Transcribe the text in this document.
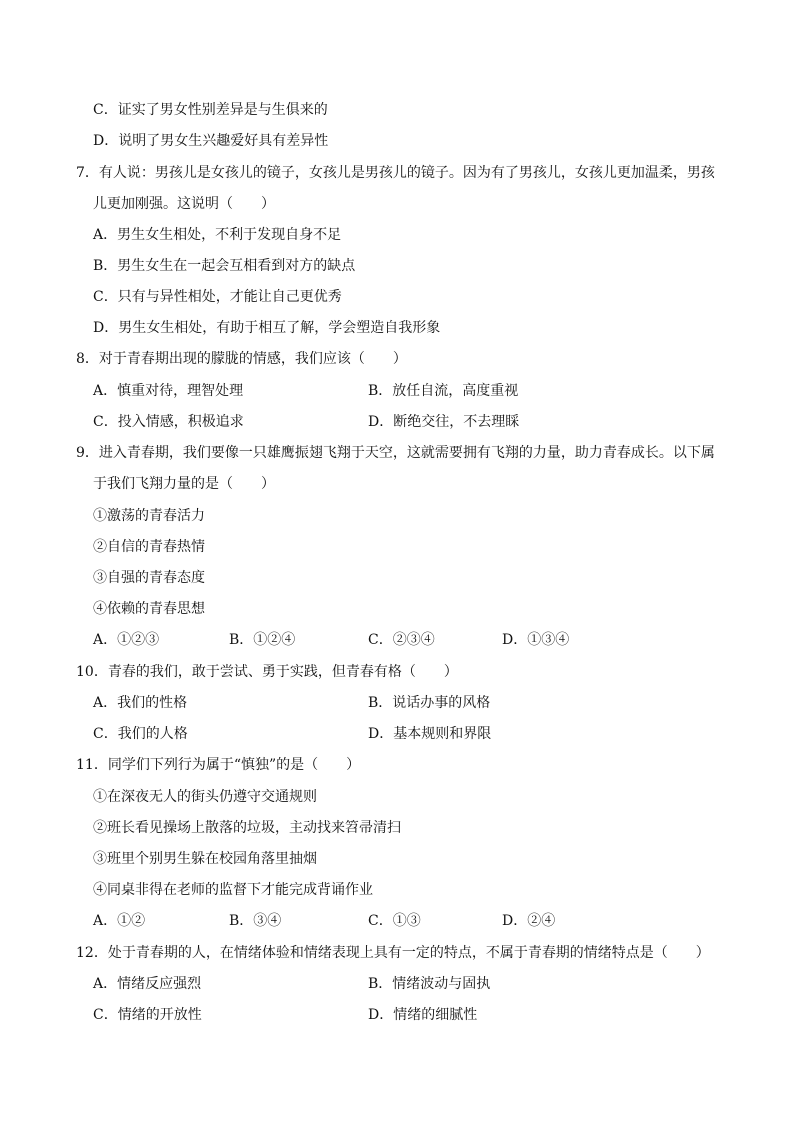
C．证实了男女性别差异是与生俱来的
D．说明了男女生兴趣爱好具有差异性
7．有人说：男孩儿是女孩儿的镜子，女孩儿是男孩儿的镜子。因为有了男孩儿，女孩儿更加温柔，男孩
儿更加刚强。这说明（　　）
A．男生女生相处，不利于发现自身不足
B．男生女生在一起会互相看到对方的缺点
C．只有与异性相处，才能让自己更优秀
D．男生女生相处，有助于相互了解，学会塑造自我形象
8．对于青春期出现的朦胧的情感，我们应该（　　）
A．慎重对待，理智处理	B．放任自流，高度重视
C．投入情感，积极追求	D．断绝交往，不去理睬
9．进入青春期，我们要像一只雄鹰振翅飞翔于天空，这就需要拥有飞翔的力量，助力青春成长。以下属
于我们飞翔力量的是（　　）
①激荡的青春活力
②自信的青春热情
③自强的青春态度
④依赖的青春思想
A．①②③	B．①②④	C．②③④	D．①③④
10．青春的我们，敢于尝试、勇于实践，但青春有格（　　）
A．我们的性格	B．说话办事的风格
C．我们的人格	D．基本规则和界限
11．同学们下列行为属于“慎独”的是（　　）
①在深夜无人的街头仍遵守交通规则
②班长看见操场上散落的垃圾，主动找来笤帚清扫
③班里个别男生躲在校园角落里抽烟
④同桌非得在老师的监督下才能完成背诵作业
A．①②	B．③④	C．①③	D．②④
12．处于青春期的人，在情绪体验和情绪表现上具有一定的特点，不属于青春期的情绪特点是（　　）
A．情绪反应强烈	B．情绪波动与固执
C．情绪的开放性	D．情绪的细腻性
